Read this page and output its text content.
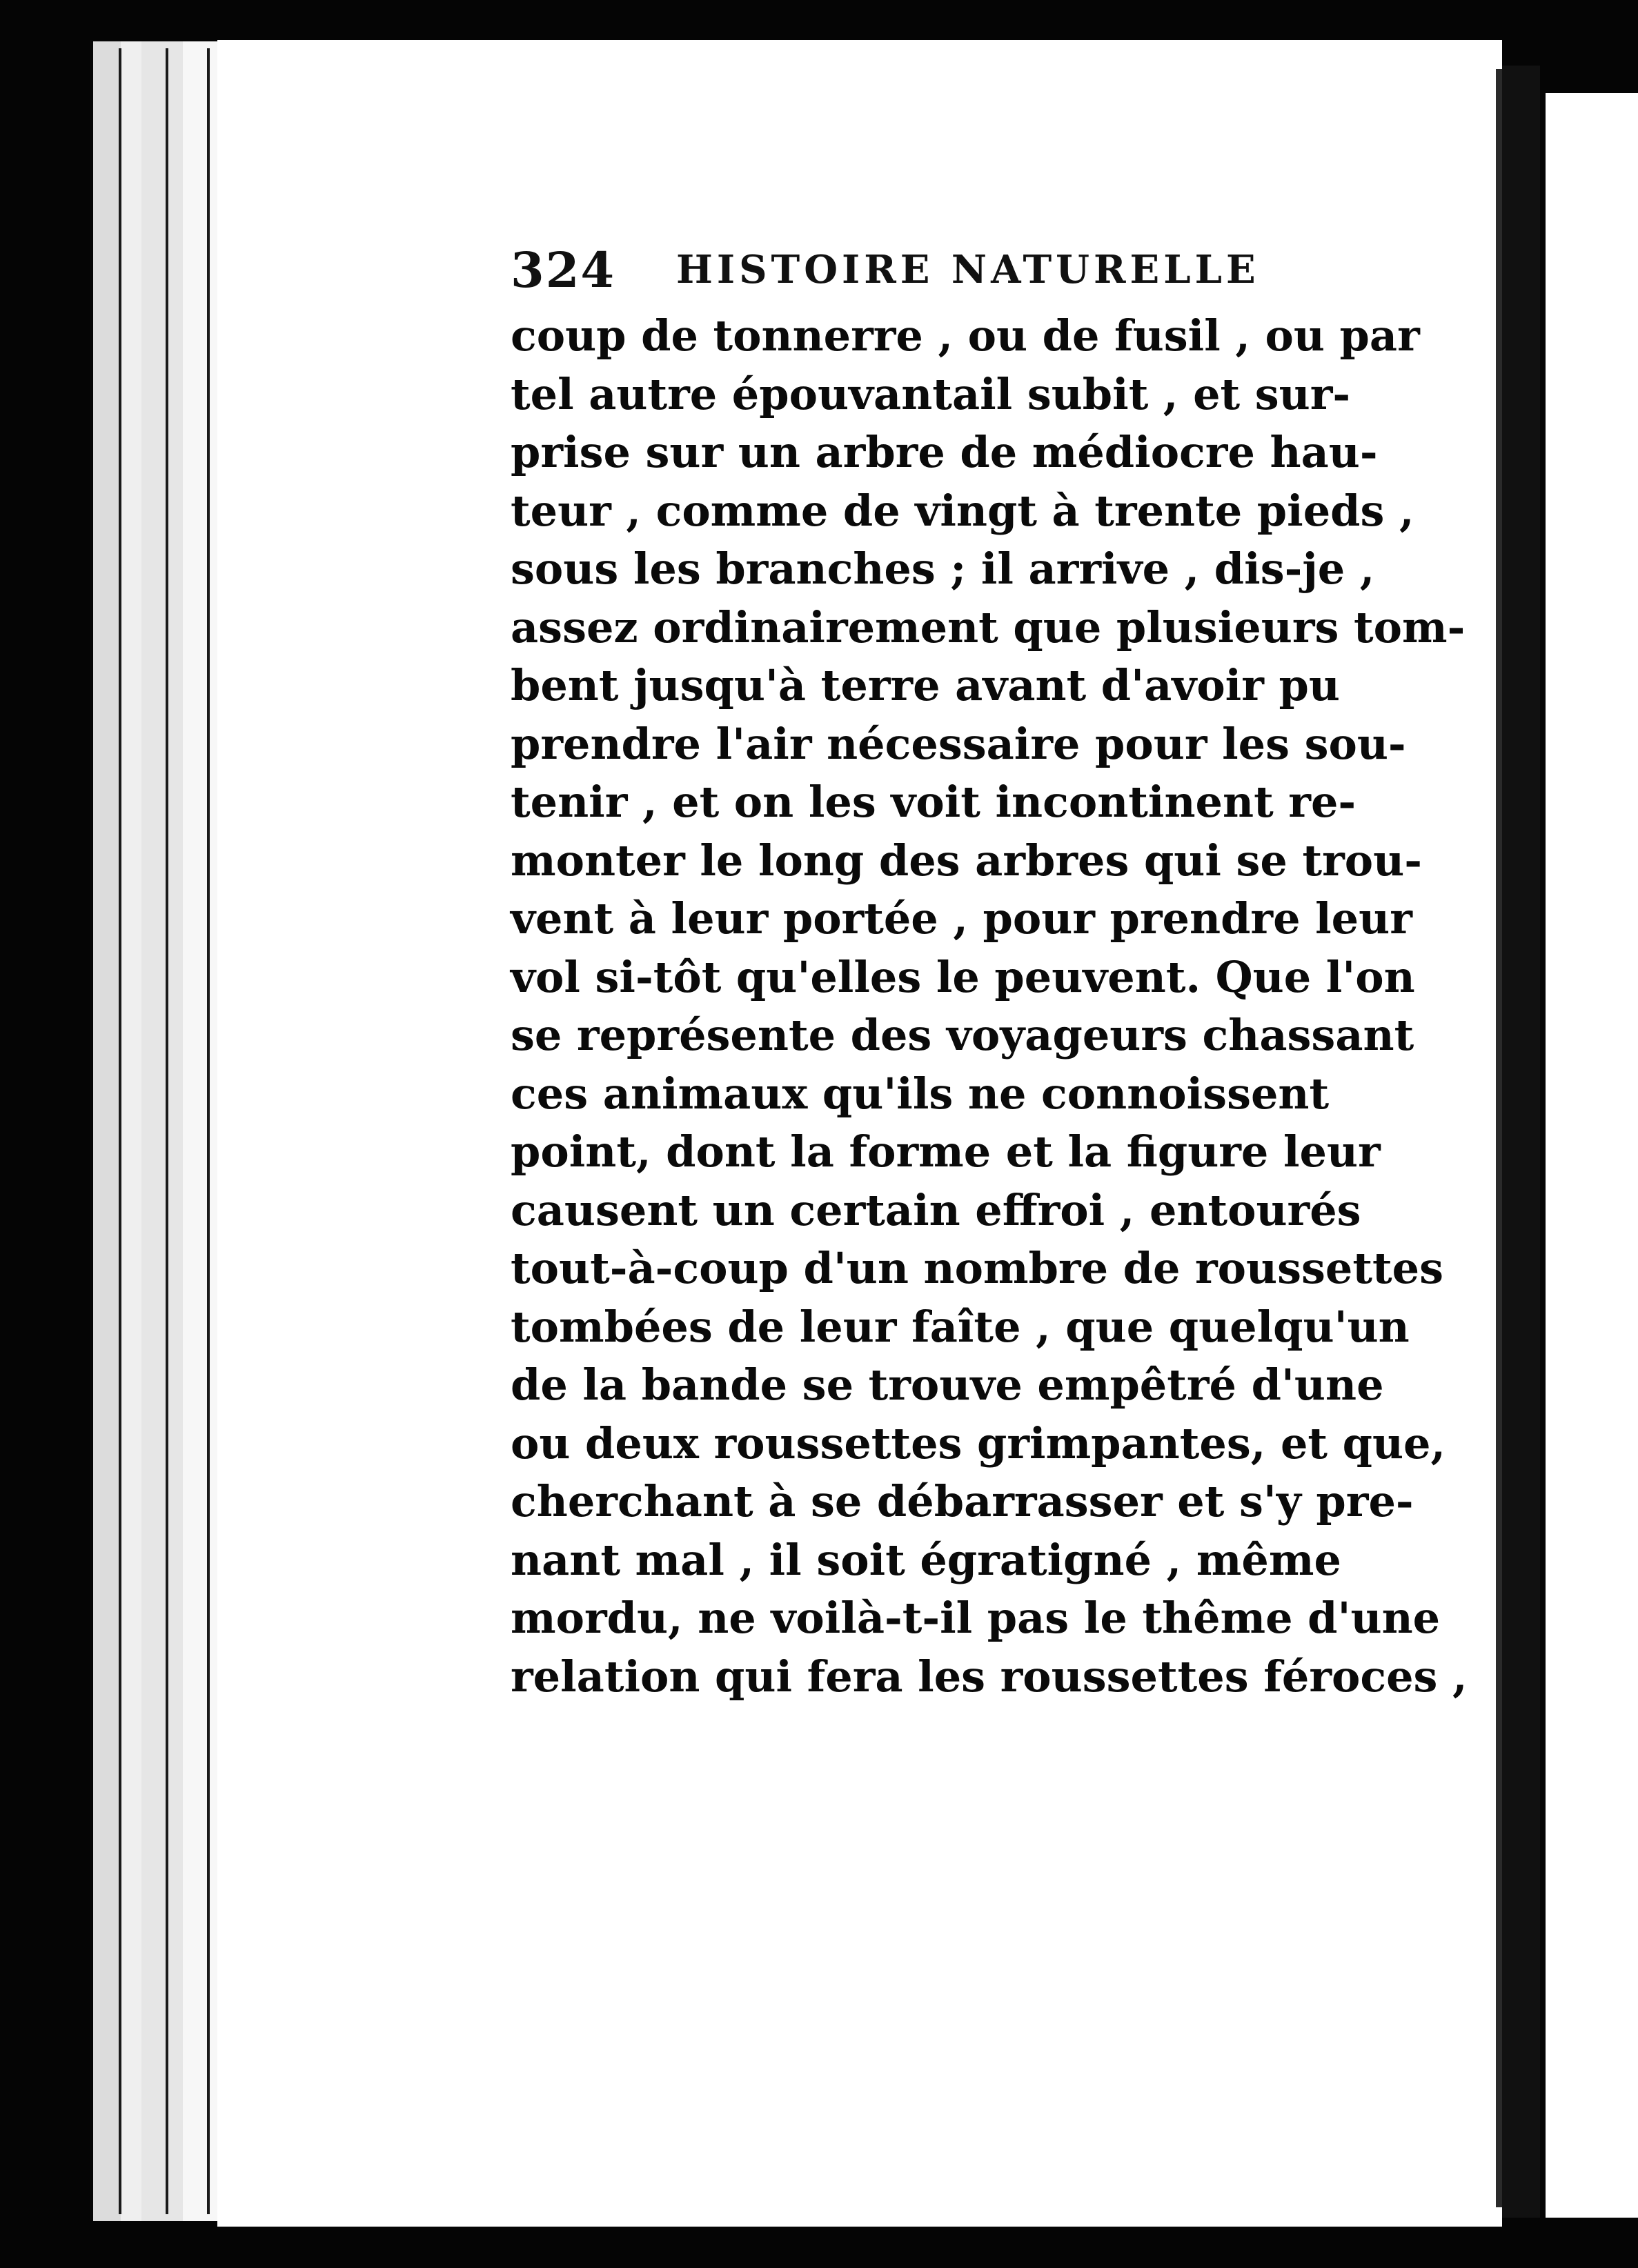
324 HISTOIRE NATURELLE
coup de tonnerre , ou de fusil , ou par
tel autre épouvantail subit , et sur-
prise sur un arbre de médiocre hau-
teur , comme de vingt à trente pieds ,
sous les branches ; il arrive , dis-je ,
assez ordinairement que plusieurs tom-
bent jusqu'à terre avant d'avoir pu
prendre l'air nécessaire pour les sou-
tenir , et on les voit incontinent re-
monter le long des arbres qui se trou-
vent à leur portée , pour prendre leur
vol si-tôt qu'elles le peuvent. Que l'on
se représente des voyageurs chassant
ces animaux qu'ils ne connoissent
point, dont la forme et la figure leur
causent un certain effroi , entourés
tout-à-coup d'un nombre de roussettes
tombées de leur faîte , que quelqu'un
de la bande se trouve empêtré d'une
ou deux roussettes grimpantes, et que,
cherchant à se débarrasser et s'y pre-
nant mal , il soit égratigné , même
mordu, ne voilà-t-il pas le thême d'une
relation qui fera les roussettes féroces ,
